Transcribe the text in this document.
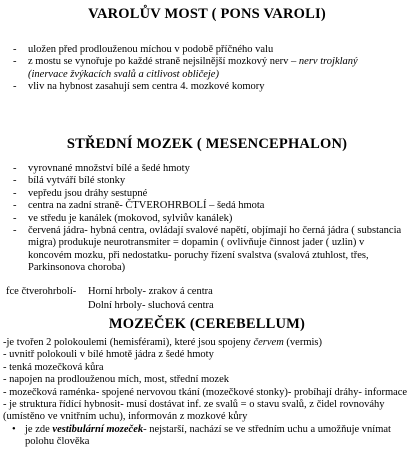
VAROLŮV MOST ( PONS VAROLI)
- uložen před prodlouženou míchou v podobě příčného valu
- z mostu se vynořuje po každé straně nejsilnější mozkový nerv – nerv trojklaný
(inervace žvýkacích svalů a citlivost obličeje)
- vliv na hybnost zasahují sem centra 4. mozkové komory
STŘEDNÍ MOZEK ( MESENCEPHALON)
- vyrovnané množství bílé a šedé hmoty
- bílá vytváří bílé stonky
- vepředu jsou dráhy sestupné
- centra na zadní straně- ČTVEROHRBOLÍ – šedá hmota
- ve středu je kanálek (mokovod, sylviův kanálek)
- červená jádra- hybná centra, ovládají svalové napětí, objímají ho černá jádra ( substancia migra) produkuje neurotransmiter = dopamin ( ovlivňuje činnost jader ( uzlin) v koncovém mozku, při nedostatku- poruchy řízení svalstva (svalová ztuhlost, třes, Parkinsonova choroba)
fce čtverohrbolí- Horní hrboly- zrakov á centra
Dolní hrboly- sluchová centra
MOZEČEK (CEREBELLUM)

-je tvořen 2 polokoulemi (hemisférami), které jsou spojeny červem (vermis)

- uvnitř polokouli v bílé hmotě jádra z šedé hmoty

- tenká mozečková kůra

- napojen na prodlouženou mích, most, střední mozek

- mozečková raménka- spojené nervovou tkání (mozečkové stonky)- probíhají dráhy- informace

- je struktura řídící hybnosit- musí dostávat inf. ze svalů = o stavu svalů, z čidel rovnováhy (umístěno ve vnitřním uchu), informován z mozkové kůry

• je zde vestibulární mozeček- nejstarší, nachází se ve středním uchu a umožňuje vnímat polohu člověka
